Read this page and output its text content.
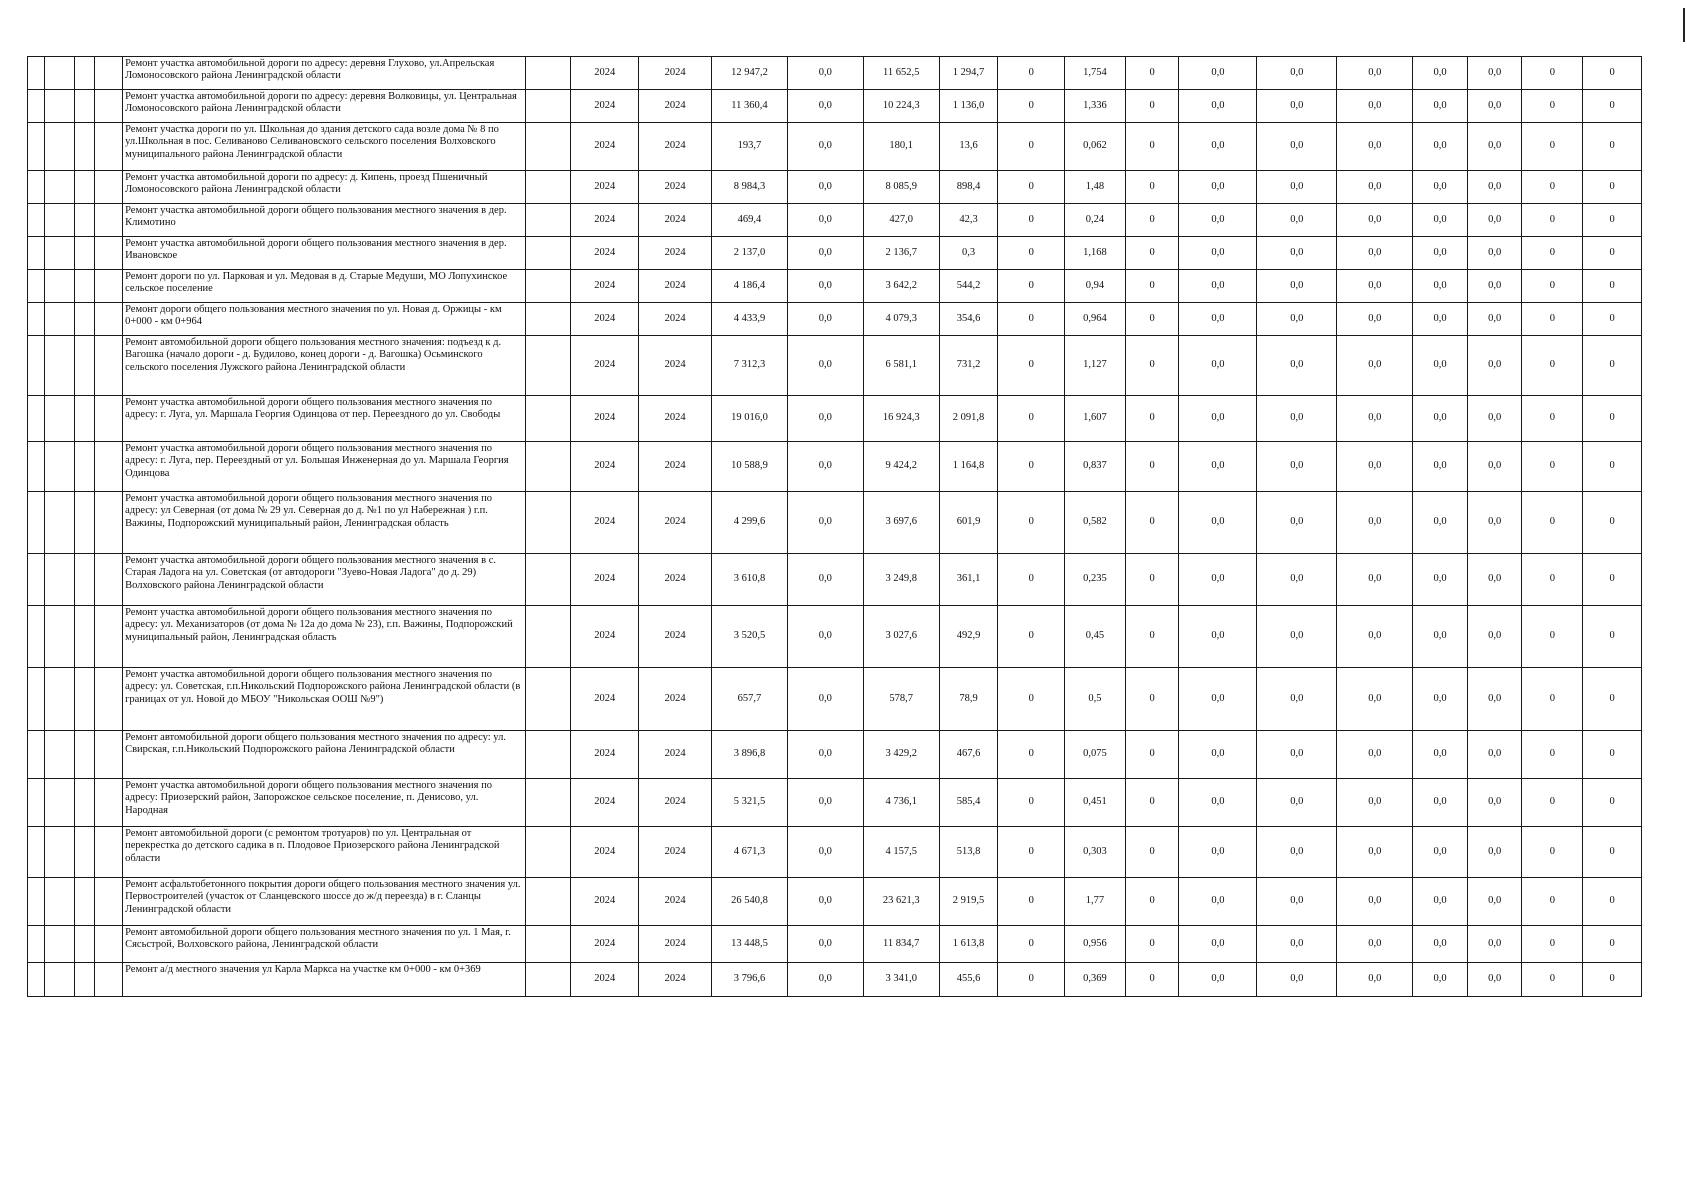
				Ремонт участка автомобильной дороги по адресу: деревня Глухово, ул.Апрельская Ломоносовского района Ленинградской области		2024	2024	12 947,2	0,0	11 652,5	1 294,7	0	1,754	0	0,0	0,0	0,0	0,0	0,0	0	0
				Ремонт участка автомобильной дороги по адресу: деревня Волковицы, ул. Центральная Ломоносовского района Ленинградской области		2024	2024	11 360,4	0,0	10 224,3	1 136,0	0	1,336	0	0,0	0,0	0,0	0,0	0,0	0	0
				Ремонт участка дороги по ул. Школьная до здания детского сада возле дома № 8 по ул.Школьная в пос. Селиваново Селивановского сельского поселения Волховского муниципального района Ленинградской области		2024	2024	193,7	0,0	180,1	13,6	0	0,062	0	0,0	0,0	0,0	0,0	0,0	0	0
				Ремонт участка автомобильной дороги по адресу: д. Кипень, проезд Пшеничный Ломоносовского района Ленинградской области		2024	2024	8 984,3	0,0	8 085,9	898,4	0	1,48	0	0,0	0,0	0,0	0,0	0,0	0	0
				Ремонт участка автомобильной дороги общего пользования местного значения в дер. Климотино		2024	2024	469,4	0,0	427,0	42,3	0	0,24	0	0,0	0,0	0,0	0,0	0,0	0	0
				Ремонт участка автомобильной дороги общего пользования местного значения в дер. Ивановское		2024	2024	2 137,0	0,0	2 136,7	0,3	0	1,168	0	0,0	0,0	0,0	0,0	0,0	0	0
				Ремонт дороги по ул. Парковая и ул. Медовая в д. Старые Медуши, МО Лопухинское сельское поселение		2024	2024	4 186,4	0,0	3 642,2	544,2	0	0,94	0	0,0	0,0	0,0	0,0	0,0	0	0
				Ремонт дороги общего пользования местного значения по ул. Новая д. Оржицы - км 0+000 - км 0+964		2024	2024	4 433,9	0,0	4 079,3	354,6	0	0,964	0	0,0	0,0	0,0	0,0	0,0	0	0
				Ремонт автомобильной дороги общего пользования местного значения: подъезд к д. Вагошка (начало дороги - д. Будилово, конец дороги - д. Вагошка) Осьминского сельского поселения Лужского района Ленинградской области		2024	2024	7 312,3	0,0	6 581,1	731,2	0	1,127	0	0,0	0,0	0,0	0,0	0,0	0	0
				Ремонт участка автомобильной дороги общего пользования местного значения по адресу: г. Луга, ул. Маршала Георгия Одинцова от пер. Переездного до ул. Свободы		2024	2024	19 016,0	0,0	16 924,3	2 091,8	0	1,607	0	0,0	0,0	0,0	0,0	0,0	0	0
				Ремонт участка автомобильной дороги общего пользования местного значения по адресу: г. Луга, пер. Переездный от ул. Большая Инженерная до ул. Маршала Георгия Одинцова		2024	2024	10 588,9	0,0	9 424,2	1 164,8	0	0,837	0	0,0	0,0	0,0	0,0	0,0	0	0
				Ремонт участка автомобильной дороги общего пользования местного значения по адресу: ул Северная (от дома № 29 ул. Северная до д. №1 по ул Набережная ) г.п. Важины, Подпорожский муниципальный район, Ленинградская область		2024	2024	4 299,6	0,0	3 697,6	601,9	0	0,582	0	0,0	0,0	0,0	0,0	0,0	0	0
				Ремонт участка автомобильной дороги общего пользования местного значения в с. Старая Ладога на ул. Советская (от автодороги "Зуево-Новая Ладога" до д. 29) Волховского района Ленинградской области		2024	2024	3 610,8	0,0	3 249,8	361,1	0	0,235	0	0,0	0,0	0,0	0,0	0,0	0	0
				Ремонт участка автомобильной дороги общего пользования местного значения по адресу: ул. Механизаторов (от дома № 12а до дома № 23), г.п. Важины, Подпорожский муниципальный район, Ленинградская область		2024	2024	3 520,5	0,0	3 027,6	492,9	0	0,45	0	0,0	0,0	0,0	0,0	0,0	0	0
				Ремонт участка автомобильной дороги общего пользования местного значения по адресу: ул. Советская, г.п.Никольский Подпорожского района Ленинградской области (в границах от ул. Новой до МБОУ "Никольская ООШ №9")		2024	2024	657,7	0,0	578,7	78,9	0	0,5	0	0,0	0,0	0,0	0,0	0,0	0	0
				Ремонт автомобильной дороги общего пользования местного значения по адресу: ул. Свирская, г.п.Никольский Подпорожского района Ленинградской области		2024	2024	3 896,8	0,0	3 429,2	467,6	0	0,075	0	0,0	0,0	0,0	0,0	0,0	0	0
				Ремонт участка автомобильной дороги общего пользования местного значения по адресу: Приозерский район, Запорожское сельское поселение, п. Денисово, ул. Народная		2024	2024	5 321,5	0,0	4 736,1	585,4	0	0,451	0	0,0	0,0	0,0	0,0	0,0	0	0
				Ремонт автомобильной дороги (с ремонтом тротуаров) по ул. Центральная от перекрестка до детского садика в п. Плодовое Приозерского района Ленинградской области		2024	2024	4 671,3	0,0	4 157,5	513,8	0	0,303	0	0,0	0,0	0,0	0,0	0,0	0	0
				Ремонт асфальтобетонного покрытия дороги общего пользования местного значения ул. Первостроителей (участок от Сланцевского шоссе до ж/д переезда) в г. Сланцы Ленинградской области		2024	2024	26 540,8	0,0	23 621,3	2 919,5	0	1,77	0	0,0	0,0	0,0	0,0	0,0	0	0
				Ремонт автомобильной дороги общего пользования местного значения по ул. 1 Мая, г. Сясьстрой, Волховского района, Ленинградской области		2024	2024	13 448,5	0,0	11 834,7	1 613,8	0	0,956	0	0,0	0,0	0,0	0,0	0,0	0	0
				Ремонт а/д местного значения ул Карла Маркса на участке км 0+000 - км 0+369		2024	2024	3 796,6	0,0	3 341,0	455,6	0	0,369	0	0,0	0,0	0,0	0,0	0,0	0	0
